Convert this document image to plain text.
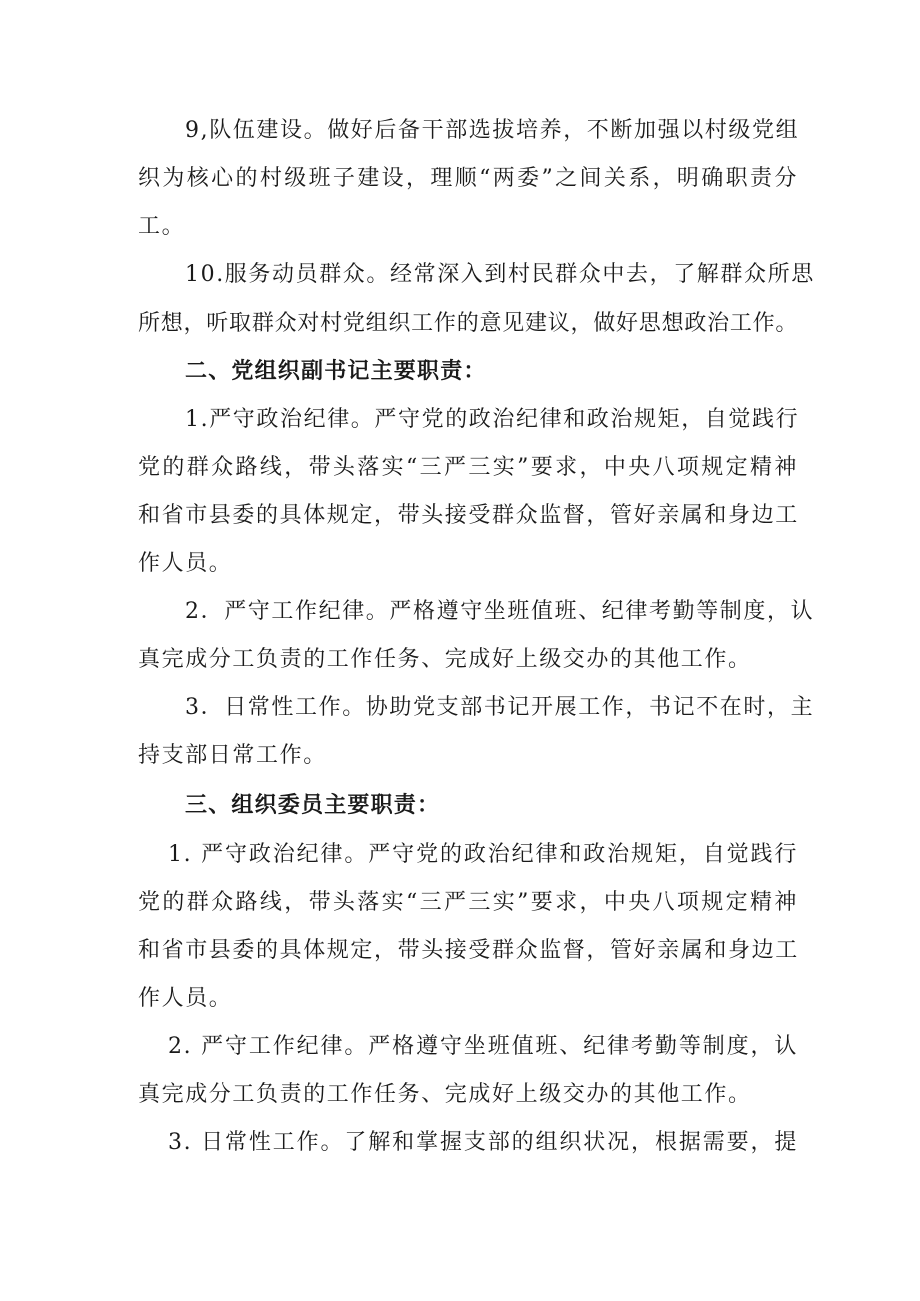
9,队伍建设。做好后备干部选拔培养，不断加强以村级党组
织为核心的村级班子建设，理顺“两委”之间关系，明确职责分
工。
10.服务动员群众。经常深入到村民群众中去，了解群众所思
所想，听取群众对村党组织工作的意见建议，做好思想政治工作。
二、党组织副书记主要职责：
1.严守政治纪律。严守党的政治纪律和政治规矩，自觉践行
党的群众路线，带头落实“三严三实”要求，中央八项规定精神
和省市县委的具体规定，带头接受群众监督，管好亲属和身边工
作人员。
2．严守工作纪律。严格遵守坐班值班、纪律考勤等制度，认
真完成分工负责的工作任务、完成好上级交办的其他工作。
3．日常性工作。协助党支部书记开展工作，书记不在时，主
持支部日常工作。
三、组织委员主要职责：
1. 严守政治纪律。严守党的政治纪律和政治规矩，自觉践行
党的群众路线，带头落实“三严三实”要求，中央八项规定精神
和省市县委的具体规定，带头接受群众监督，管好亲属和身边工
作人员。
2. 严守工作纪律。严格遵守坐班值班、纪律考勤等制度，认
真完成分工负责的工作任务、完成好上级交办的其他工作。
3. 日常性工作。了解和掌握支部的组织状况，根据需要，提
